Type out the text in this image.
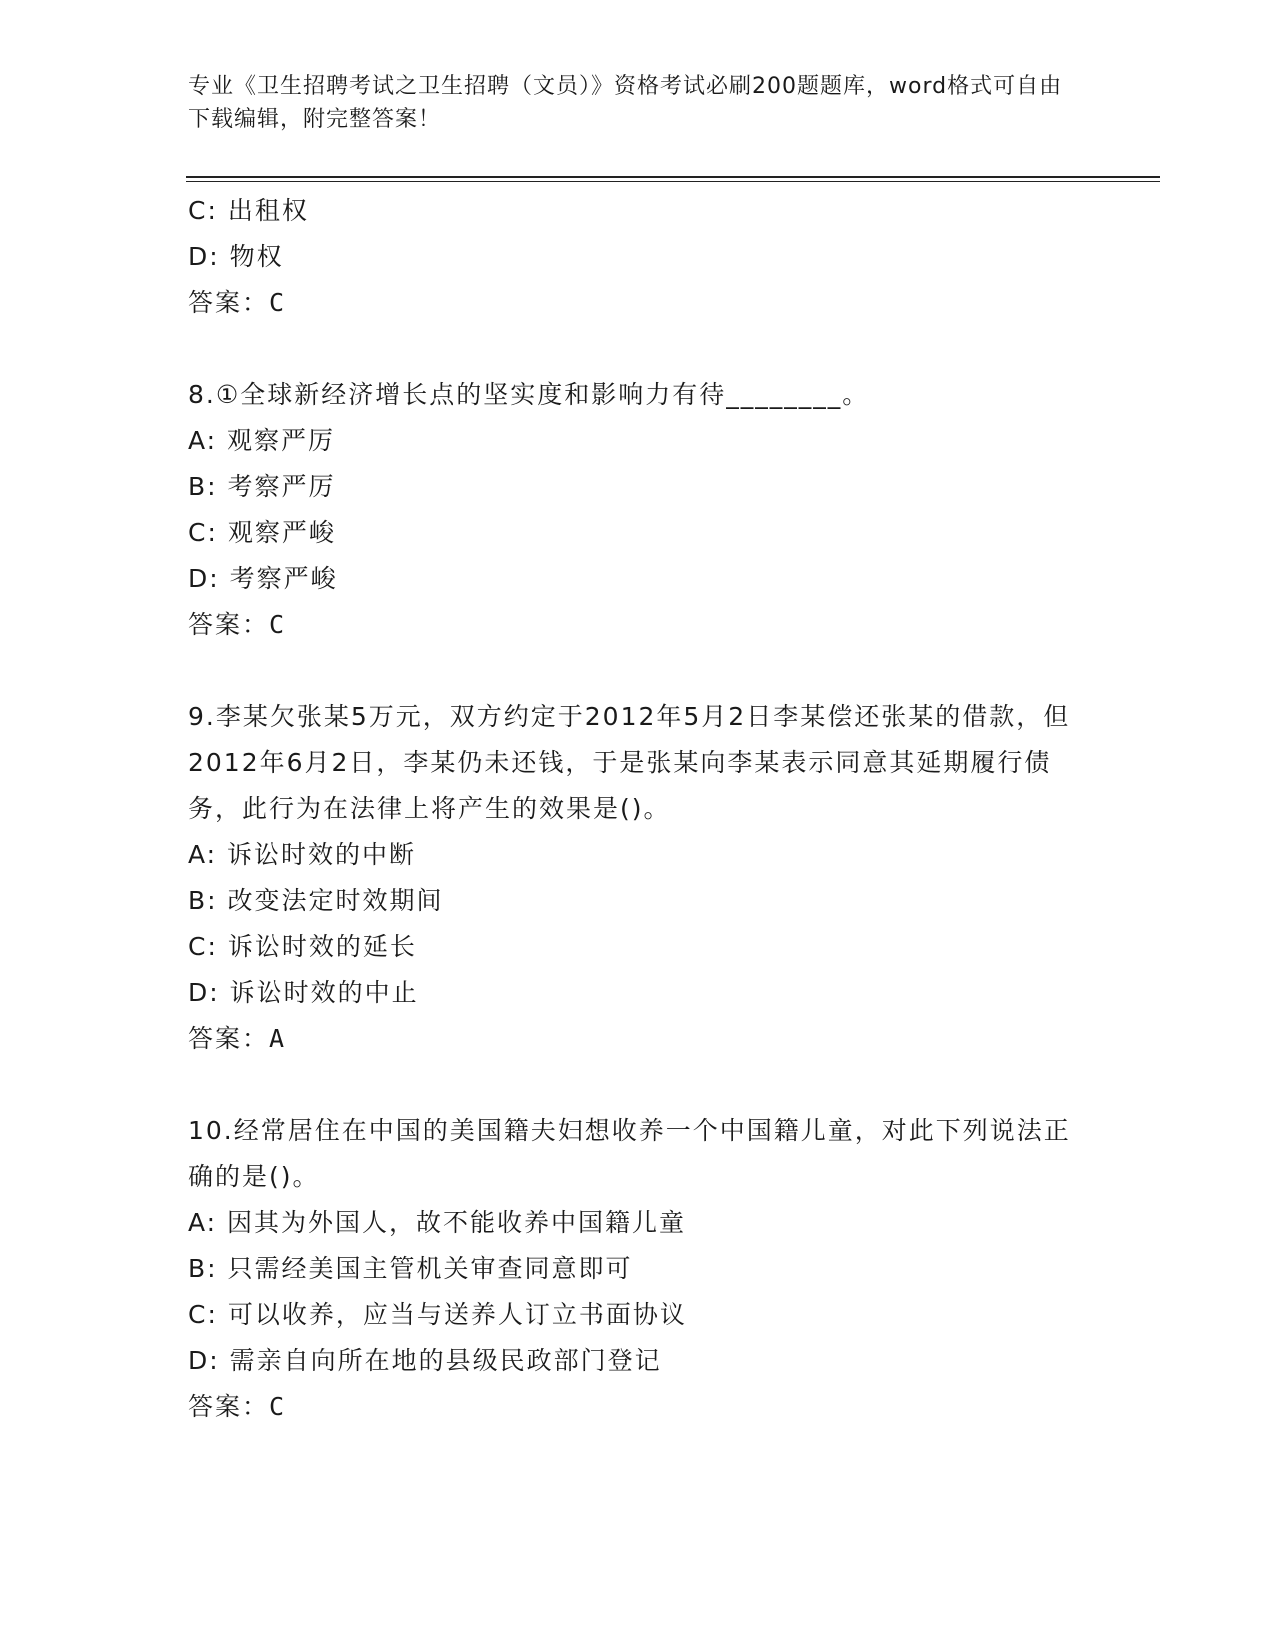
专业《卫生招聘考试之卫生招聘（文员）》资格考试必刷200题题库，word格式可自由下载编辑，附完整答案！
C: 出租权
D: 物权
答案：C
8.①全球新经济增长点的坚实度和影响力有待________。
A: 观察严厉
B: 考察严厉
C: 观察严峻
D: 考察严峻
答案：C
9.李某欠张某5万元，双方约定于2012年5月2日李某偿还张某的借款，但2012年6月2日，李某仍未还钱，于是张某向李某表示同意其延期履行债务，此行为在法律上将产生的效果是()。
A: 诉讼时效的中断
B: 改变法定时效期间
C: 诉讼时效的延长
D: 诉讼时效的中止
答案：A
10.经常居住在中国的美国籍夫妇想收养一个中国籍儿童，对此下列说法正确的是()。
A: 因其为外国人，故不能收养中国籍儿童
B: 只需经美国主管机关审查同意即可
C: 可以收养，应当与送养人订立书面协议
D: 需亲自向所在地的县级民政部门登记
答案：C
